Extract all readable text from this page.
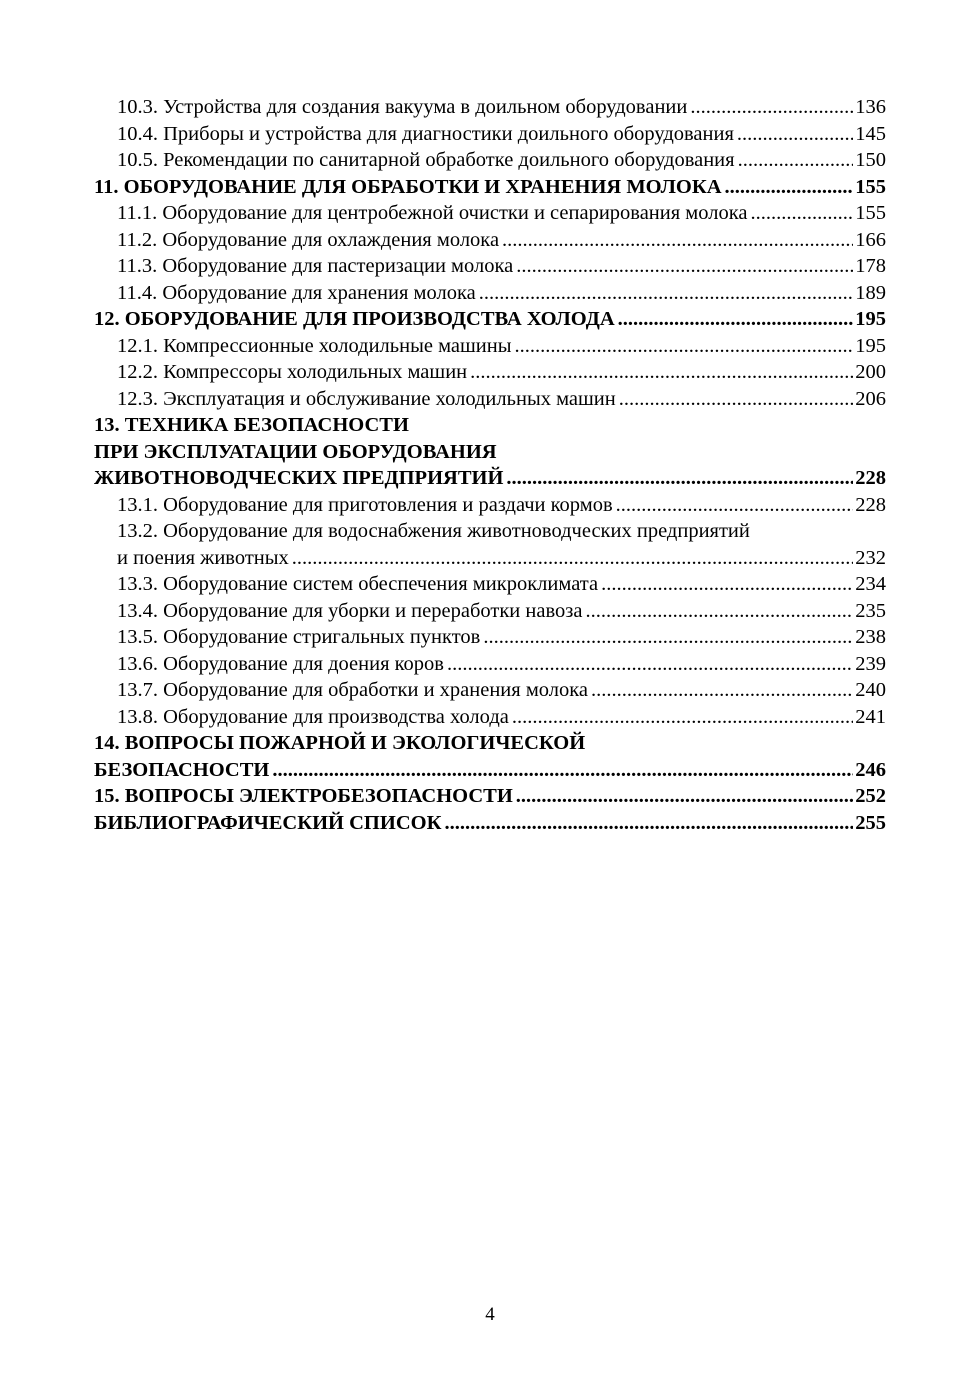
10.3. Устройства для создания вакуума в доильном оборудовании .....	136
10.4. Приборы и устройства для диагностики доильного оборудования .....	145
10.5. Рекомендации по санитарной обработке доильного оборудования .....	150
11. ОБОРУДОВАНИЕ ДЛЯ ОБРАБОТКИ И ХРАНЕНИЯ МОЛОКА .....	155
11.1. Оборудование для центробежной очистки и сепарирования молока .....	155
11.2. Оборудование для охлаждения молока .....	166
11.3. Оборудование для пастеризации молока .....	178
11.4. Оборудование для хранения молока .....	189
12. ОБОРУДОВАНИЕ ДЛЯ ПРОИЗВОДСТВА ХОЛОДА .....	195
12.1. Компрессионные холодильные машины .....	195
12.2. Компрессоры холодильных машин .....	200
12.3. Эксплуатация и обслуживание холодильных машин .....	206
13. ТЕХНИКА БЕЗОПАСНОСТИ
ПРИ ЭКСПЛУАТАЦИИ ОБОРУДОВАНИЯ
ЖИВОТНОВОДЧЕСКИХ ПРЕДПРИЯТИЙ .....	228
13.1. Оборудование для приготовления и раздачи кормов .....	228
13.2. Оборудование для водоснабжения животноводческих предприятий
и поения животных .....	232
13.3. Оборудование систем обеспечения микроклимата .....	234
13.4. Оборудование для уборки и переработки навоза .....	235
13.5. Оборудование стригальных пунктов .....	238
13.6. Оборудование для доения коров .....	239
13.7. Оборудование для обработки и хранения молока .....	240
13.8. Оборудование для производства холода .....	241
14. ВОПРОСЫ ПОЖАРНОЙ И ЭКОЛОГИЧЕСКОЙ
БЕЗОПАСНОСТИ .....	246
15. ВОПРОСЫ ЭЛЕКТРОБЕЗОПАСНОСТИ .....	252
БИБЛИОГРАФИЧЕСКИЙ СПИСОК .....	255
4
